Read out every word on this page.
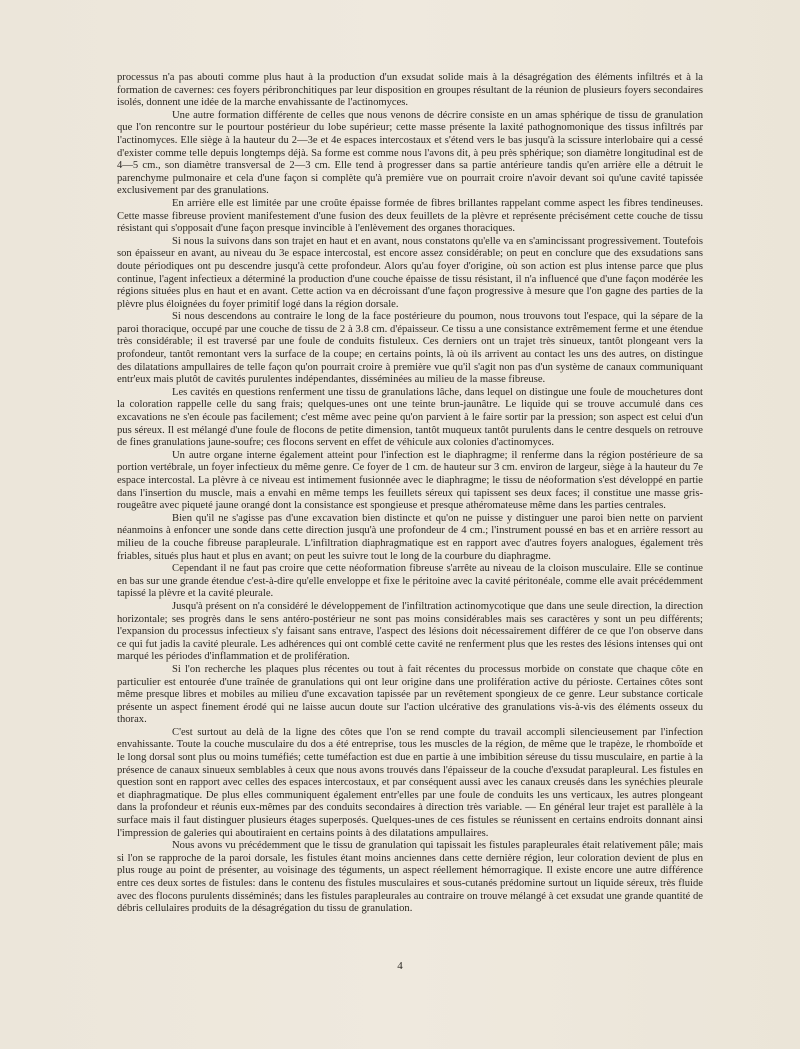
processus n'a pas abouti comme plus haut à la production d'un exsudat solide mais à la désagrégation des éléments infiltrés et à la formation de cavernes: ces foyers péribronchitiques par leur disposition en groupes résultant de la réunion de plusieurs foyers secondaires isolés, donnent une idée de la marche envahissante de l'actinomyces.

Une autre formation différente de celles que nous venons de décrire consiste en un amas sphérique de tissu de granulation que l'on rencontre sur le pourtour postérieur du lobe supérieur; cette masse présente la laxité pathognomonique des tissus infiltrés par l'actinomyces. Elle siège à la hauteur du 2—3e et 4e espaces intercostaux et s'étend vers le bas jusqu'à la scissure interlobaire qui a cessé d'exister comme telle depuis longtemps déjà. Sa forme est comme nous l'avons dit, à peu près sphérique; son diamètre longitudinal est de 4—5 cm., son diamètre transversal de 2—3 cm. Elle tend à progresser dans sa partie antérieure tandis qu'en arrière elle a détruit le parenchyme pulmonaire et cela d'une façon si complète qu'à première vue on pourrait croire n'avoir devant soi qu'une cavité tapissée exclusivement par des granulations.

En arrière elle est limitée par une croûte épaisse formée de fibres brillantes rappelant comme aspect les fibres tendineuses. Cette masse fibreuse provient manifestement d'une fusion des deux feuillets de la plèvre et représente précisément cette couche de tissu résistant qui s'opposait d'une façon presque invincible à l'enlèvement des organes thoraciques.

Si nous la suivons dans son trajet en haut et en avant, nous constatons qu'elle va en s'amincissant progressivement. Toutefois son épaisseur en avant, au niveau du 3e espace intercostal, est encore assez considérable; on peut en conclure que des exsudations sans doute périodiques ont pu descendre jusqu'à cette profondeur. Alors qu'au foyer d'origine, où son action est plus intense parce que plus continue, l'agent infectieux a déterminé la production d'une couche épaisse de tissu résistant, il n'a influencé que d'une façon modérée les régions situées plus en haut et en avant. Cette action va en décroissant d'une façon progressive à mesure que l'on gagne des parties de la plèvre plus éloignées du foyer primitif logé dans la région dorsale.

Si nous descendons au contraire le long de la face postérieure du poumon, nous trouvons tout l'espace, qui la sépare de la paroi thoracique, occupé par une couche de tissu de 2 à 3.8 cm. d'épaisseur. Ce tissu a une consistance extrêmement ferme et une étendue très considérable; il est traversé par une foule de conduits fistuleux. Ces derniers ont un trajet très sinueux, tantôt plongeant vers la profondeur, tantôt remontant vers la surface de la coupe; en certains points, là où ils arrivent au contact les uns des autres, on distingue des dilatations ampullaires de telle façon qu'on pourrait croire à première vue qu'il s'agit non pas d'un système de canaux communiquant entr'eux mais plutôt de cavités purulentes indépendantes, disséminées au milieu de la masse fibreuse.

Les cavités en questions renferment une tissu de granulations lâche, dans lequel on distingue une foule de mouchetures dont la coloration rappelle celle du sang frais; quelques-unes ont une teinte brun-jaunâtre. Le liquide qui se trouve accumulé dans ces excavations ne s'en écoule pas facilement; c'est même avec peine qu'on parvient à le faire sortir par la pression; son aspect est celui d'un pus séreux. Il est mélangé d'une foule de flocons de petite dimension, tantôt muqueux tantôt purulents dans le centre desquels on retrouve de fines granulations jaune-soufre; ces flocons servent en effet de véhicule aux colonies d'actinomyces.

Un autre organe interne également atteint pour l'infection est le diaphragme; il renferme dans la région postérieure de sa portion vertébrale, un foyer infectieux du même genre. Ce foyer de 1 cm. de hauteur sur 3 cm. environ de largeur, siège à la hauteur du 7e espace intercostal. La plèvre à ce niveau est intimement fusionnée avec le diaphragme; le tissu de néoformation s'est développé en partie dans l'insertion du muscle, mais a envahi en même temps les feuillets séreux qui tapissent ses deux faces; il constitue une masse gris-rougeâtre avec piqueté jaune orangé dont la consistance est spongieuse et presque athéromateuse même dans les parties centrales.

Bien qu'il ne s'agisse pas d'une excavation bien distincte et qu'on ne puisse y distinguer une paroi bien nette on parvient néanmoins à enfoncer une sonde dans cette direction jusqu'à une profondeur de 4 cm.; l'instrument poussé en bas et en arrière ressort au milieu de la couche fibreuse parapleurale. L'infiltration diaphragmatique est en rapport avec d'autres foyers analogues, également très friables, situés plus haut et plus en avant; on peut les suivre tout le long de la courbure du diaphragme.

Cependant il ne faut pas croire que cette néoformation fibreuse s'arrête au niveau de la cloison musculaire. Elle se continue en bas sur une grande étendue c'est-à-dire qu'elle enveloppe et fixe le péritoine avec la cavité péritonéale, comme elle avait précédemment tapissé la plèvre et la cavité pleurale.

Jusqu'à présent on n'a considéré le développement de l'infiltration actinomycotique que dans une seule direction, la direction horizontale; ses progrès dans le sens antéro-postérieur ne sont pas moins considérables mais ses caractères y sont un peu différents; l'expansion du processus infectieux s'y faisant sans entrave, l'aspect des lésions doit nécessairement différer de ce que l'on observe dans ce qui fut jadis la cavité pleurale. Les adhérences qui ont comblé cette cavité ne renferment plus que les restes des lésions intenses qui ont marqué les périodes d'inflammation et de prolifération.

Si l'on recherche les plaques plus récentes ou tout à fait récentes du processus morbide on constate que chaque côte en particulier est entourée d'une traînée de granulations qui ont leur origine dans une prolifération active du périoste. Certaines côtes sont même presque libres et mobiles au milieu d'une excavation tapissée par un revêtement spongieux de ce genre. Leur substance corticale présente un aspect finement érodé qui ne laisse aucun doute sur l'action ulcérative des granulations vis-à-vis des éléments osseux du thorax.

C'est surtout au delà de la ligne des côtes que l'on se rend compte du travail accompli silencieusement par l'infection envahissante. Toute la couche musculaire du dos a été entreprise, tous les muscles de la région, de même que le trapèze, le rhomboïde et le long dorsal sont plus ou moins tuméfiés; cette tuméfaction est due en partie à une imbibition séreuse du tissu musculaire, en partie à la présence de canaux sinueux semblables à ceux que nous avons trouvés dans l'épaisseur de la couche d'exsudat parapleural. Les fistules en question sont en rapport avec celles des espaces intercostaux, et par conséquent aussi avec les canaux creusés dans les synéchies pleurale et diaphragmatique. De plus elles communiquent également entr'elles par une foule de conduits les uns verticaux, les autres plongeant dans la profondeur et réunis eux-mêmes par des conduits secondaires à direction très variable. — En général leur trajet est parallèle à la surface mais il faut distinguer plusieurs étages superposés. Quelques-unes de ces fistules se réunissent en certains endroits donnant ainsi l'impression de galeries qui aboutiraient en certains points à des dilatations ampullaires.

Nous avons vu précédemment que le tissu de granulation qui tapissait les fistules parapleurales était relativement pâle; mais si l'on se rapproche de la paroi dorsale, les fistules étant moins anciennes dans cette dernière région, leur coloration devient de plus en plus rouge au point de présenter, au voisinage des téguments, un aspect réellement hémorragique. Il existe encore une autre différence entre ces deux sortes de fistules: dans le contenu des fistules musculaires et sous-cutanés prédomine surtout un liquide séreux, très fluide avec des flocons purulents disséminés; dans les fistules parapleurales au contraire on trouve mélangé à cet exsudat une grande quantité de débris cellulaires produits de la désagrégation du tissu de granulation.

4
